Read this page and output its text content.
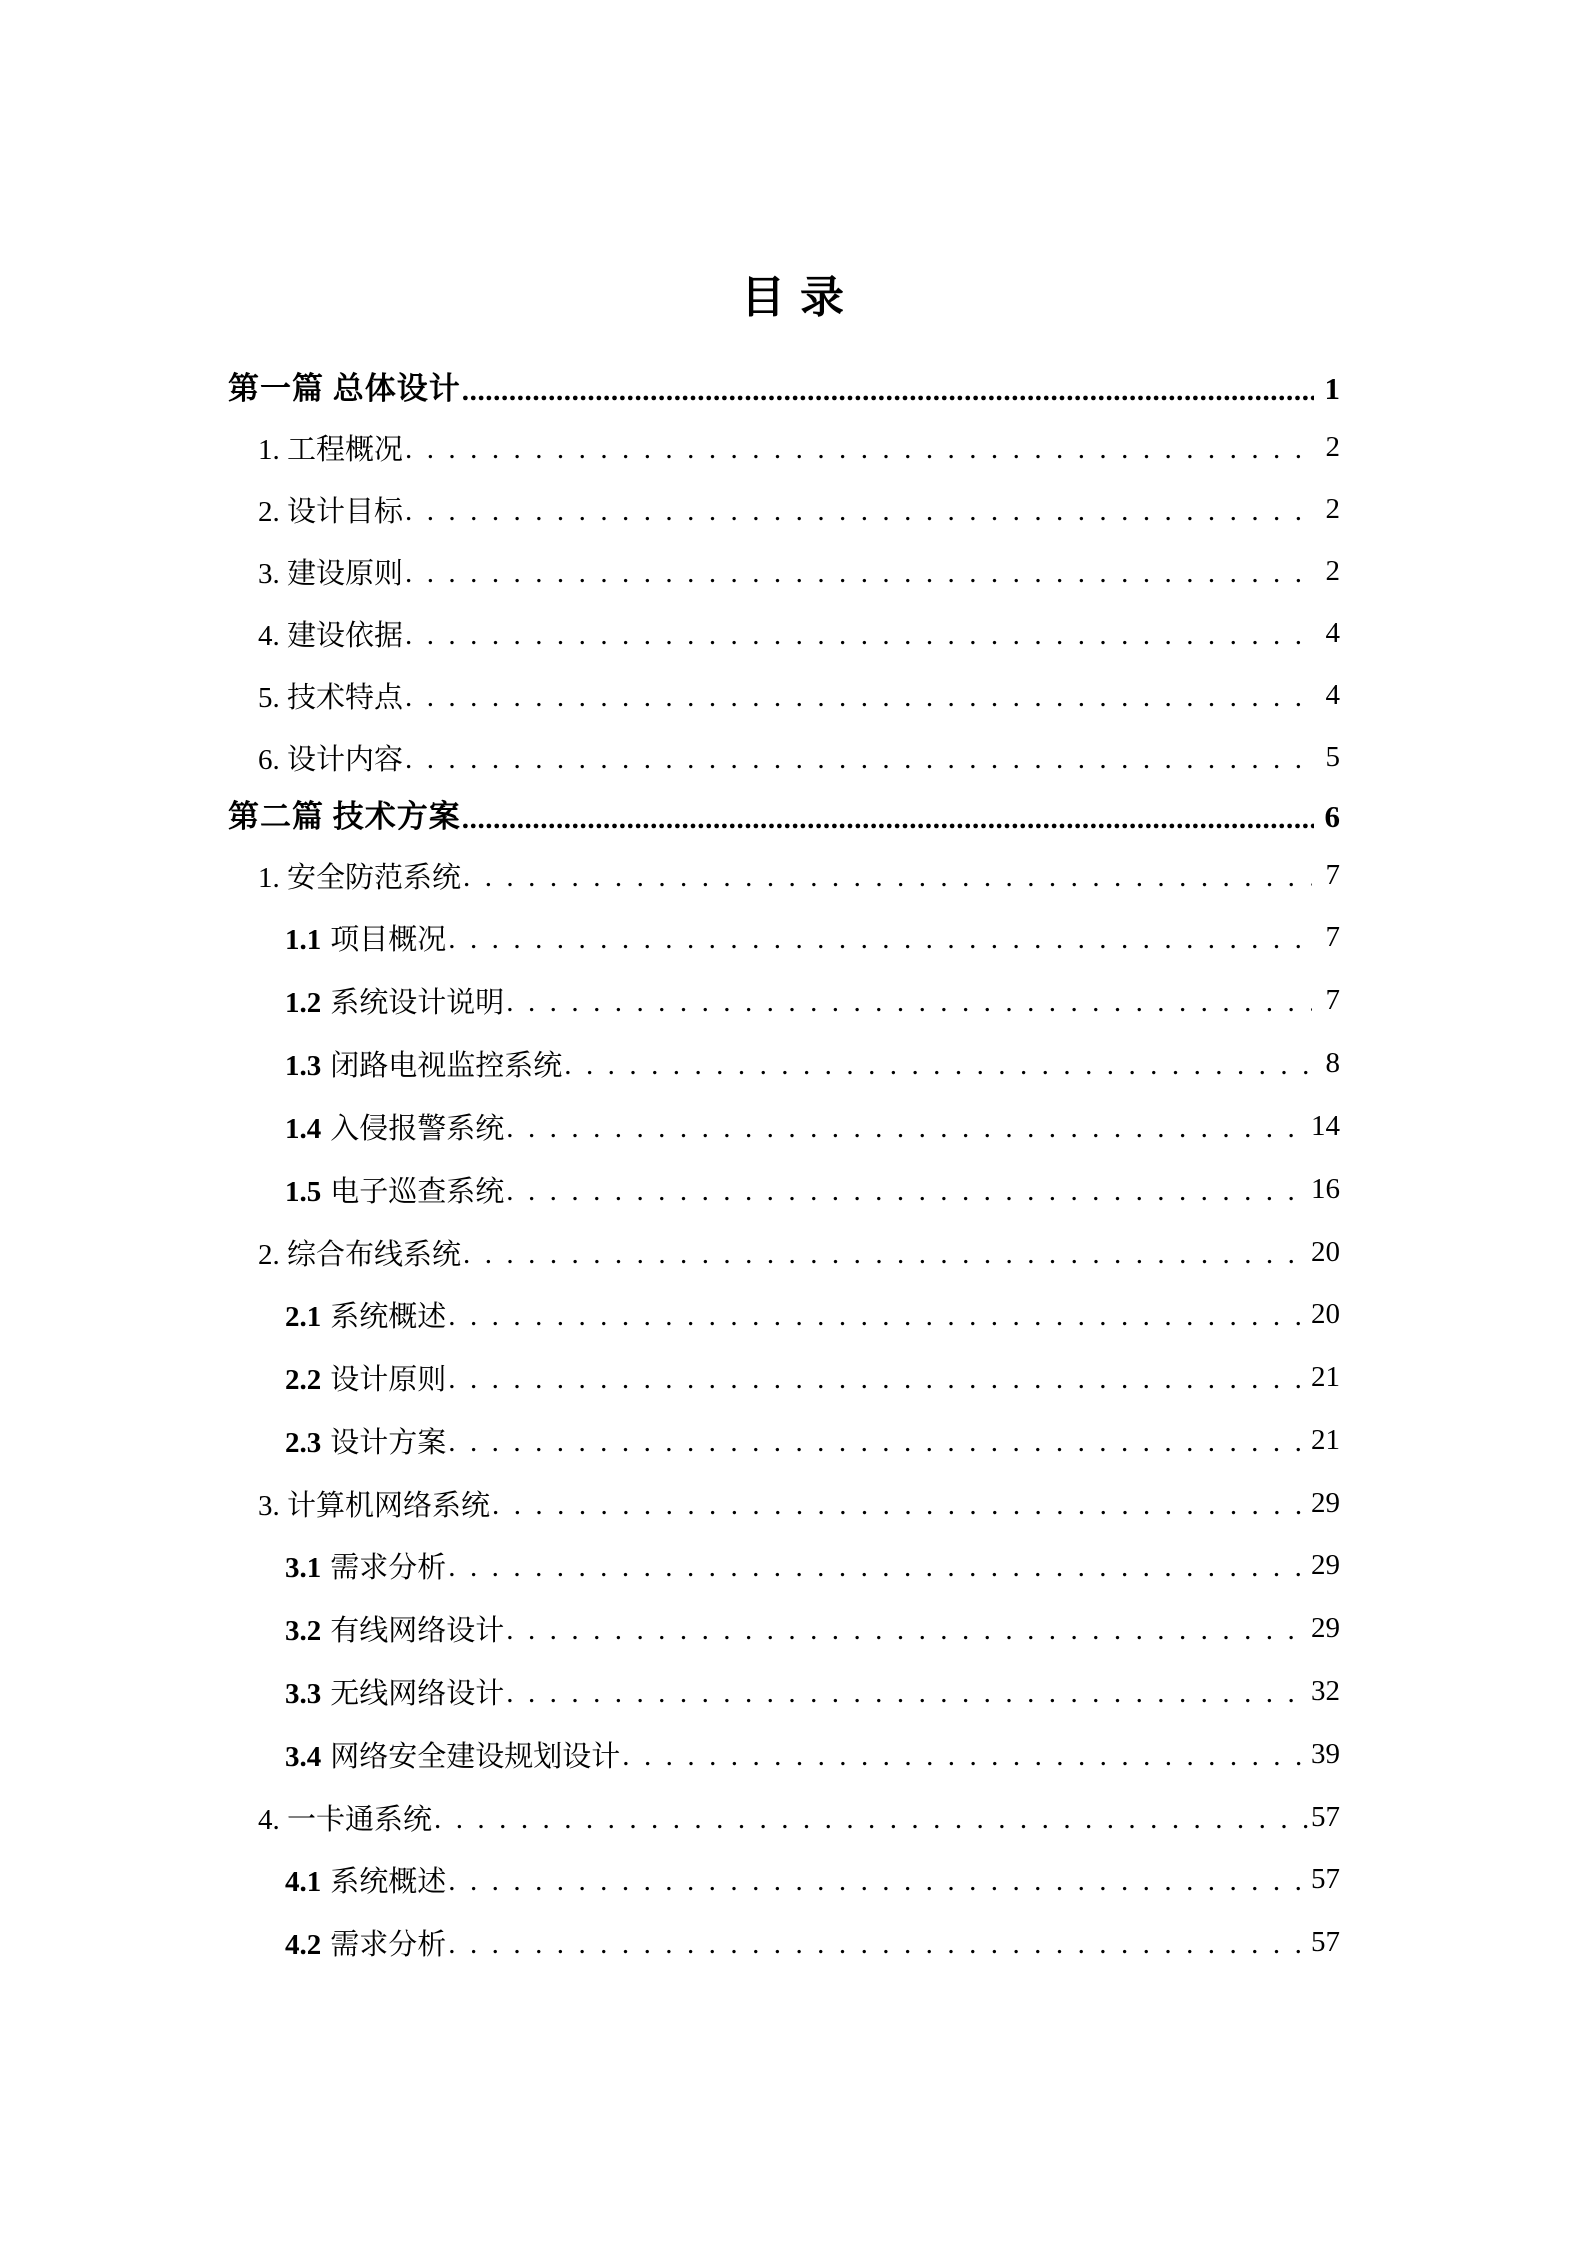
目 录
第一篇 总体设计 .....	1
1. 工程概况 . . .	2
2. 设计目标 . . .	2
3. 建设原则 . . .	2
4. 建设依据 . . .	4
5. 技术特点 . . .	4
6. 设计内容 . . .	5
第二篇 技术方案 .....	6
1. 安全防范系统 . . .	7
1.1 项目概况 . . .	7
1.2 系统设计说明 . . .	7
1.3 闭路电视监控系统 . . .	8
1.4 入侵报警系统 . . .	14
1.5 电子巡查系统 . . .	16
2. 综合布线系统 . . .	20
2.1 系统概述 . . .	20
2.2 设计原则 . . .	21
2.3 设计方案 . . .	21
3. 计算机网络系统 . . .	29
3.1 需求分析 . . .	29
3.2 有线网络设计 . . .	29
3.3 无线网络设计 . . .	32
3.4 网络安全建设规划设计 . . .	39
4. 一卡通系统 . . .	57
4.1 系统概述 . . .	57
4.2 需求分析 . . .	57
